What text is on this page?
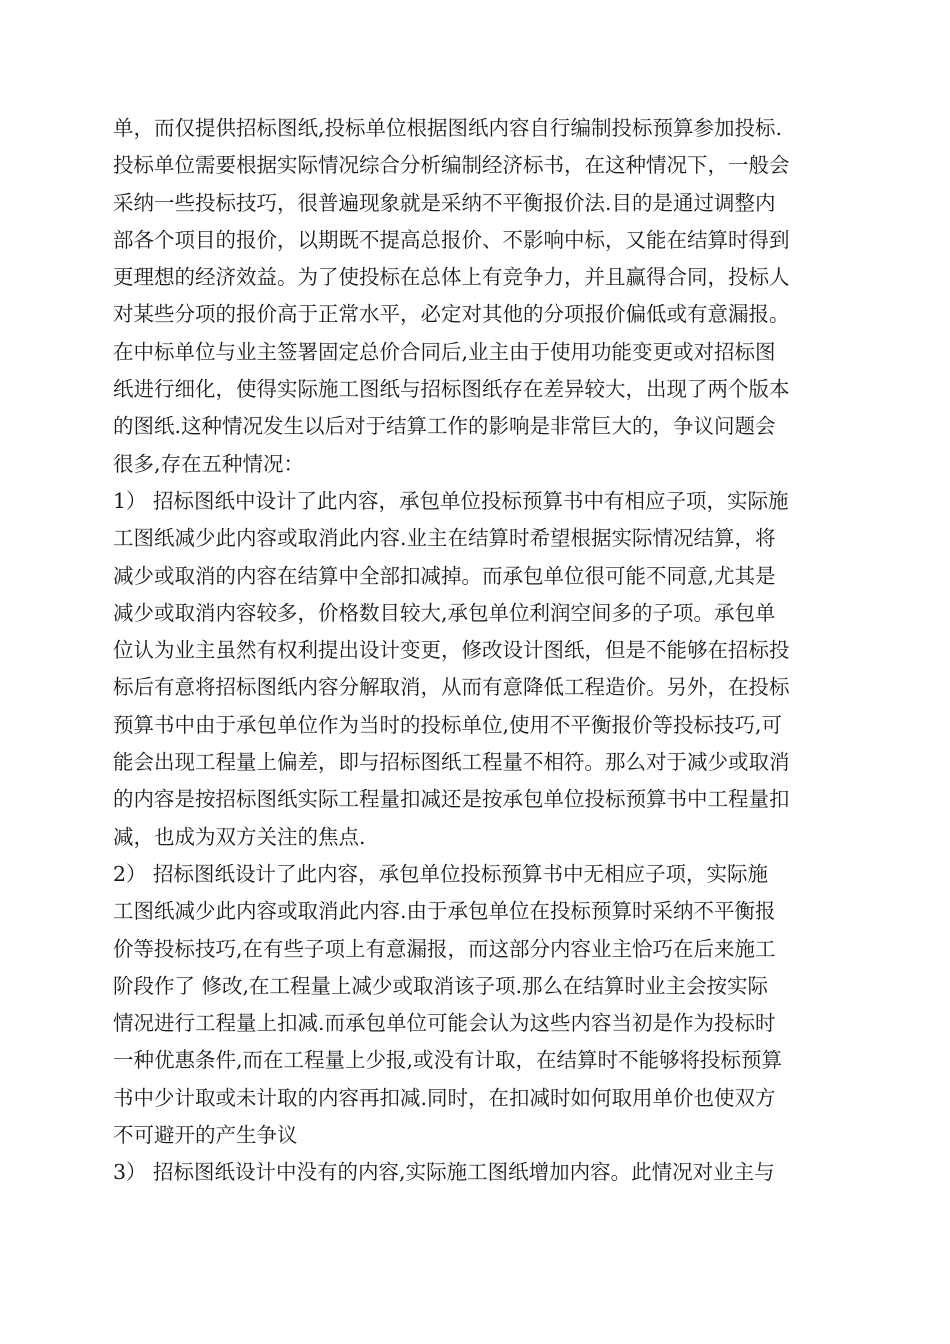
单，而仅提供招标图纸,投标单位根据图纸内容自行编制投标预算参加投标.
投标单位需要根据实际情况综合分析编制经济标书，在这种情况下，一般会
采纳一些投标技巧，很普遍现象就是采纳不平衡报价法.目的是通过调整内
部各个项目的报价，以期既不提高总报价、不影响中标，又能在结算时得到
更理想的经济效益。为了使投标在总体上有竞争力，并且赢得合同，投标人
对某些分项的报价高于正常水平，必定对其他的分项报价偏低或有意漏报。
在中标单位与业主签署固定总价合同后,业主由于使用功能变更或对招标图
纸进行细化，使得实际施工图纸与招标图纸存在差异较大，出现了两个版本
的图纸.这种情况发生以后对于结算工作的影响是非常巨大的，争议问题会
很多,存在五种情况：
1） 招标图纸中设计了此内容，承包单位投标预算书中有相应子项，实际施
工图纸减少此内容或取消此内容.业主在结算时希望根据实际情况结算，将
减少或取消的内容在结算中全部扣减掉。而承包单位很可能不同意,尤其是
减少或取消内容较多，价格数目较大,承包单位利润空间多的子项。承包单
位认为业主虽然有权利提出设计变更，修改设计图纸，但是不能够在招标投
标后有意将招标图纸内容分解取消，从而有意降低工程造价。另外，在投标
预算书中由于承包单位作为当时的投标单位,使用不平衡报价等投标技巧,可
能会出现工程量上偏差，即与招标图纸工程量不相符。那么对于减少或取消
的内容是按招标图纸实际工程量扣减还是按承包单位投标预算书中工程量扣
减，也成为双方关注的焦点.
2） 招标图纸设计了此内容，承包单位投标预算书中无相应子项，实际施
工图纸减少此内容或取消此内容.由于承包单位在投标预算时采纳不平衡报
价等投标技巧,在有些子项上有意漏报，而这部分内容业主恰巧在后来施工
阶段作了 修改,在工程量上减少或取消该子项.那么在结算时业主会按实际
情况进行工程量上扣减.而承包单位可能会认为这些内容当初是作为投标时
一种优惠条件,而在工程量上少报,或没有计取，在结算时不能够将投标预算
书中少计取或未计取的内容再扣减.同时，在扣减时如何取用单价也使双方
不可避开的产生争议
3） 招标图纸设计中没有的内容,实际施工图纸增加内容。此情况对业主与
